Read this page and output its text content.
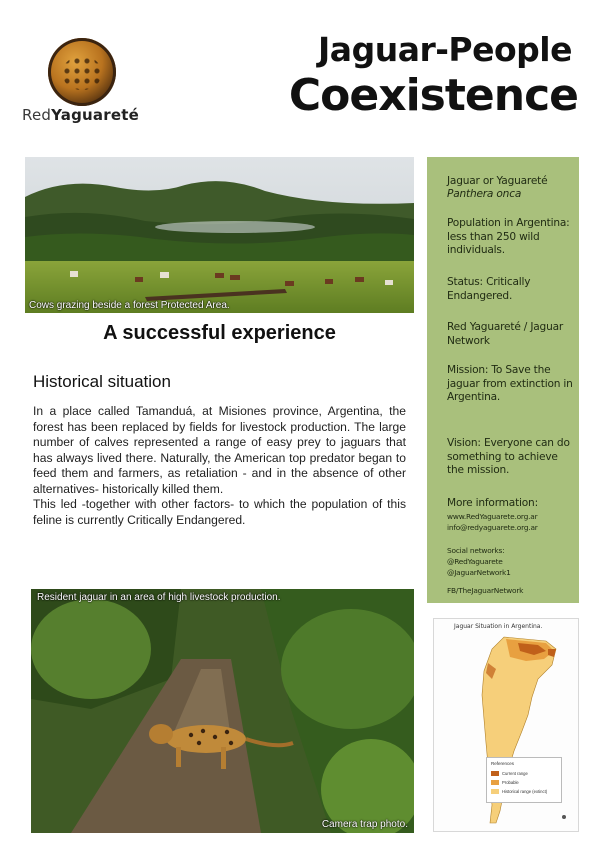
RedYaguareté
Jaguar-People
Coexistence
Cows grazing beside a forest Protected Area.
A successful experience
Historical situation

In a place called Tamanduá, at Misiones province, Argentina, the forest has been replaced by fields for livestock production. The large number of calves represented a range of easy prey to jaguars that has always lived there. Naturally, the American top predator began to feed them and farmers, as retaliation - and in the absence of other alternatives- historically killed them.

This led -together with other factors- to which the population of this feline is currently Critically Endangered.

Jaguar or Yaguareté
Panthera onca
Population in Argentina: less than 250 wild individuals.
Status: Critically Endangered.
Red Yaguareté / Jaguar Network
Mission: To Save the jaguar from extinction in Argentina.
Vision: Everyone can do something to achieve the mission.
More information:
www.RedYaguarete.org.ar
info@redyaguarete.org.ar
Social networks:
@RedYaguarete
@JaguarNetwork1
FB/TheJaguarNetwork
Resident jaguar in an area of high livestock production.
Camera trap photo.
Jaguar Situation in Argentina.
References
Current range
Probable
Historical range (extinct)
